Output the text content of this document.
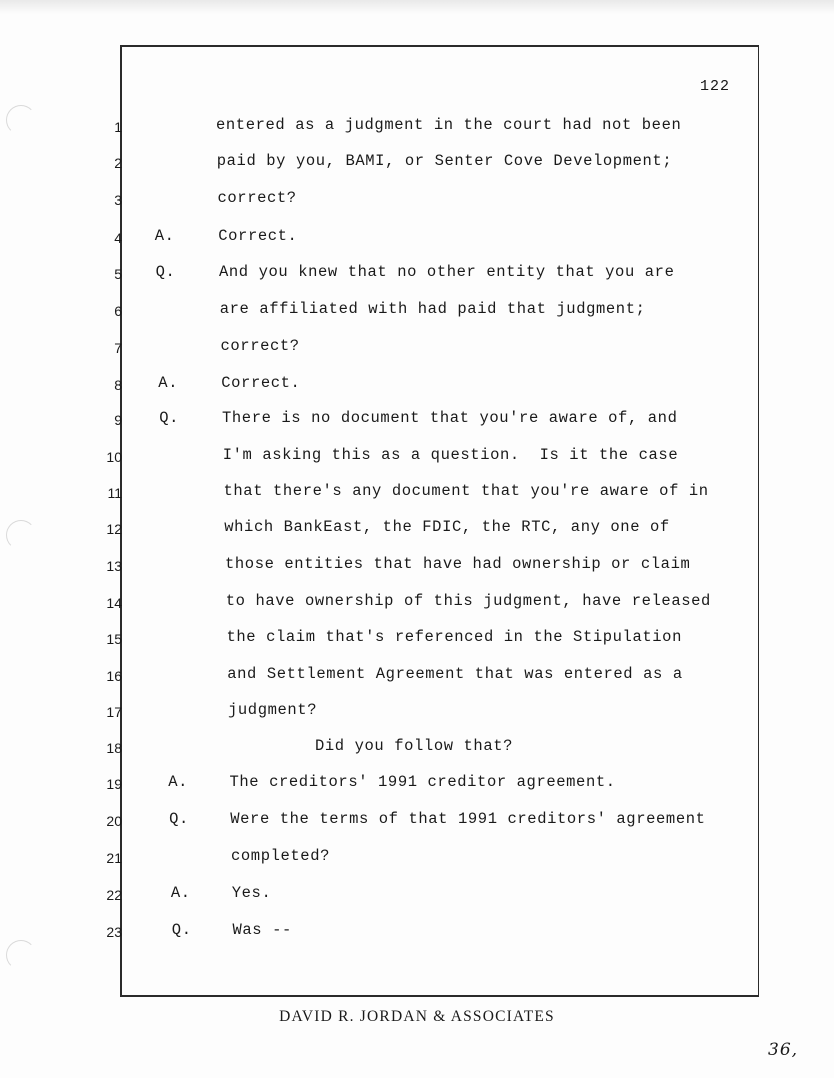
122
1	entered as a judgment in the court had not been
2	paid by you, BAMI, or Senter Cove Development;
3	correct?
4 A.	Correct.
5 Q.	And you knew that no other entity that you are
6	are affiliated with had paid that judgment;
7	correct?
8 A.	Correct.
9 Q.	There is no document that you're aware of, and
10	I'm asking this as a question.  Is it the case
11	that there's any document that you're aware of in
12	which BankEast, the FDIC, the RTC, any one of
13	those entities that have had ownership or claim
14	to have ownership of this judgment, have released
15	the claim that's referenced in the Stipulation
16	and Settlement Agreement that was entered as a
17	judgment?
18	Did you follow that?
19	A.	The creditors' 1991 creditor agreement.
20	Q.	Were the terms of that 1991 creditors' agreement
21	completed?
22	A.	Yes.
23	Q.	Was --
DAVID R. JORDAN & ASSOCIATES
36,
